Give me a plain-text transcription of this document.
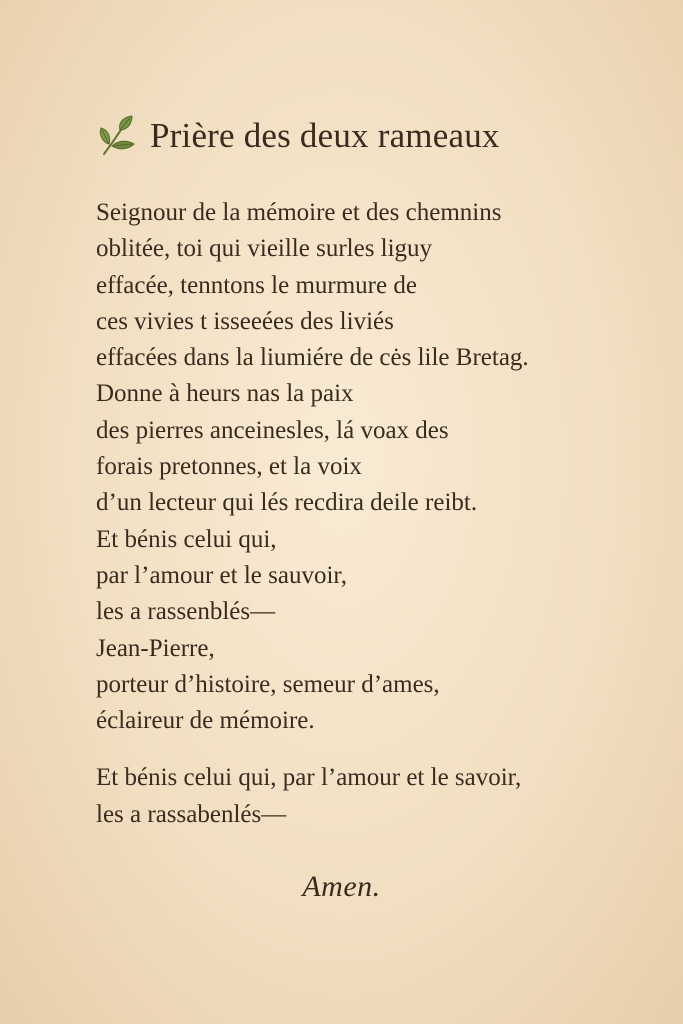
Prière des deux rameaux
Seignour de la mémoire et des chemnins
oblitée, toi qui vieille surles liguy
effacée, tenntons le murmure de
ces vivies t isseeées des liviés
effacées dans la liumiére de cės lile Bretag.
Donne à heurs nas la paix
des pierres anceinesles, lá voax des
forais pretonnes, et la voix
d’un lecteur qui lés recdira deile reibt.
Et bénis celui qui,
par l’amour et le sauvoir,
les a rassenblés—
Jean-Pierre,
porteur d’histoire, semeur d’ames,
éclaireur de mémoire.
Et bénis celui qui, par l’amour et le savoir,
les a rassabenlés—
Amen.
